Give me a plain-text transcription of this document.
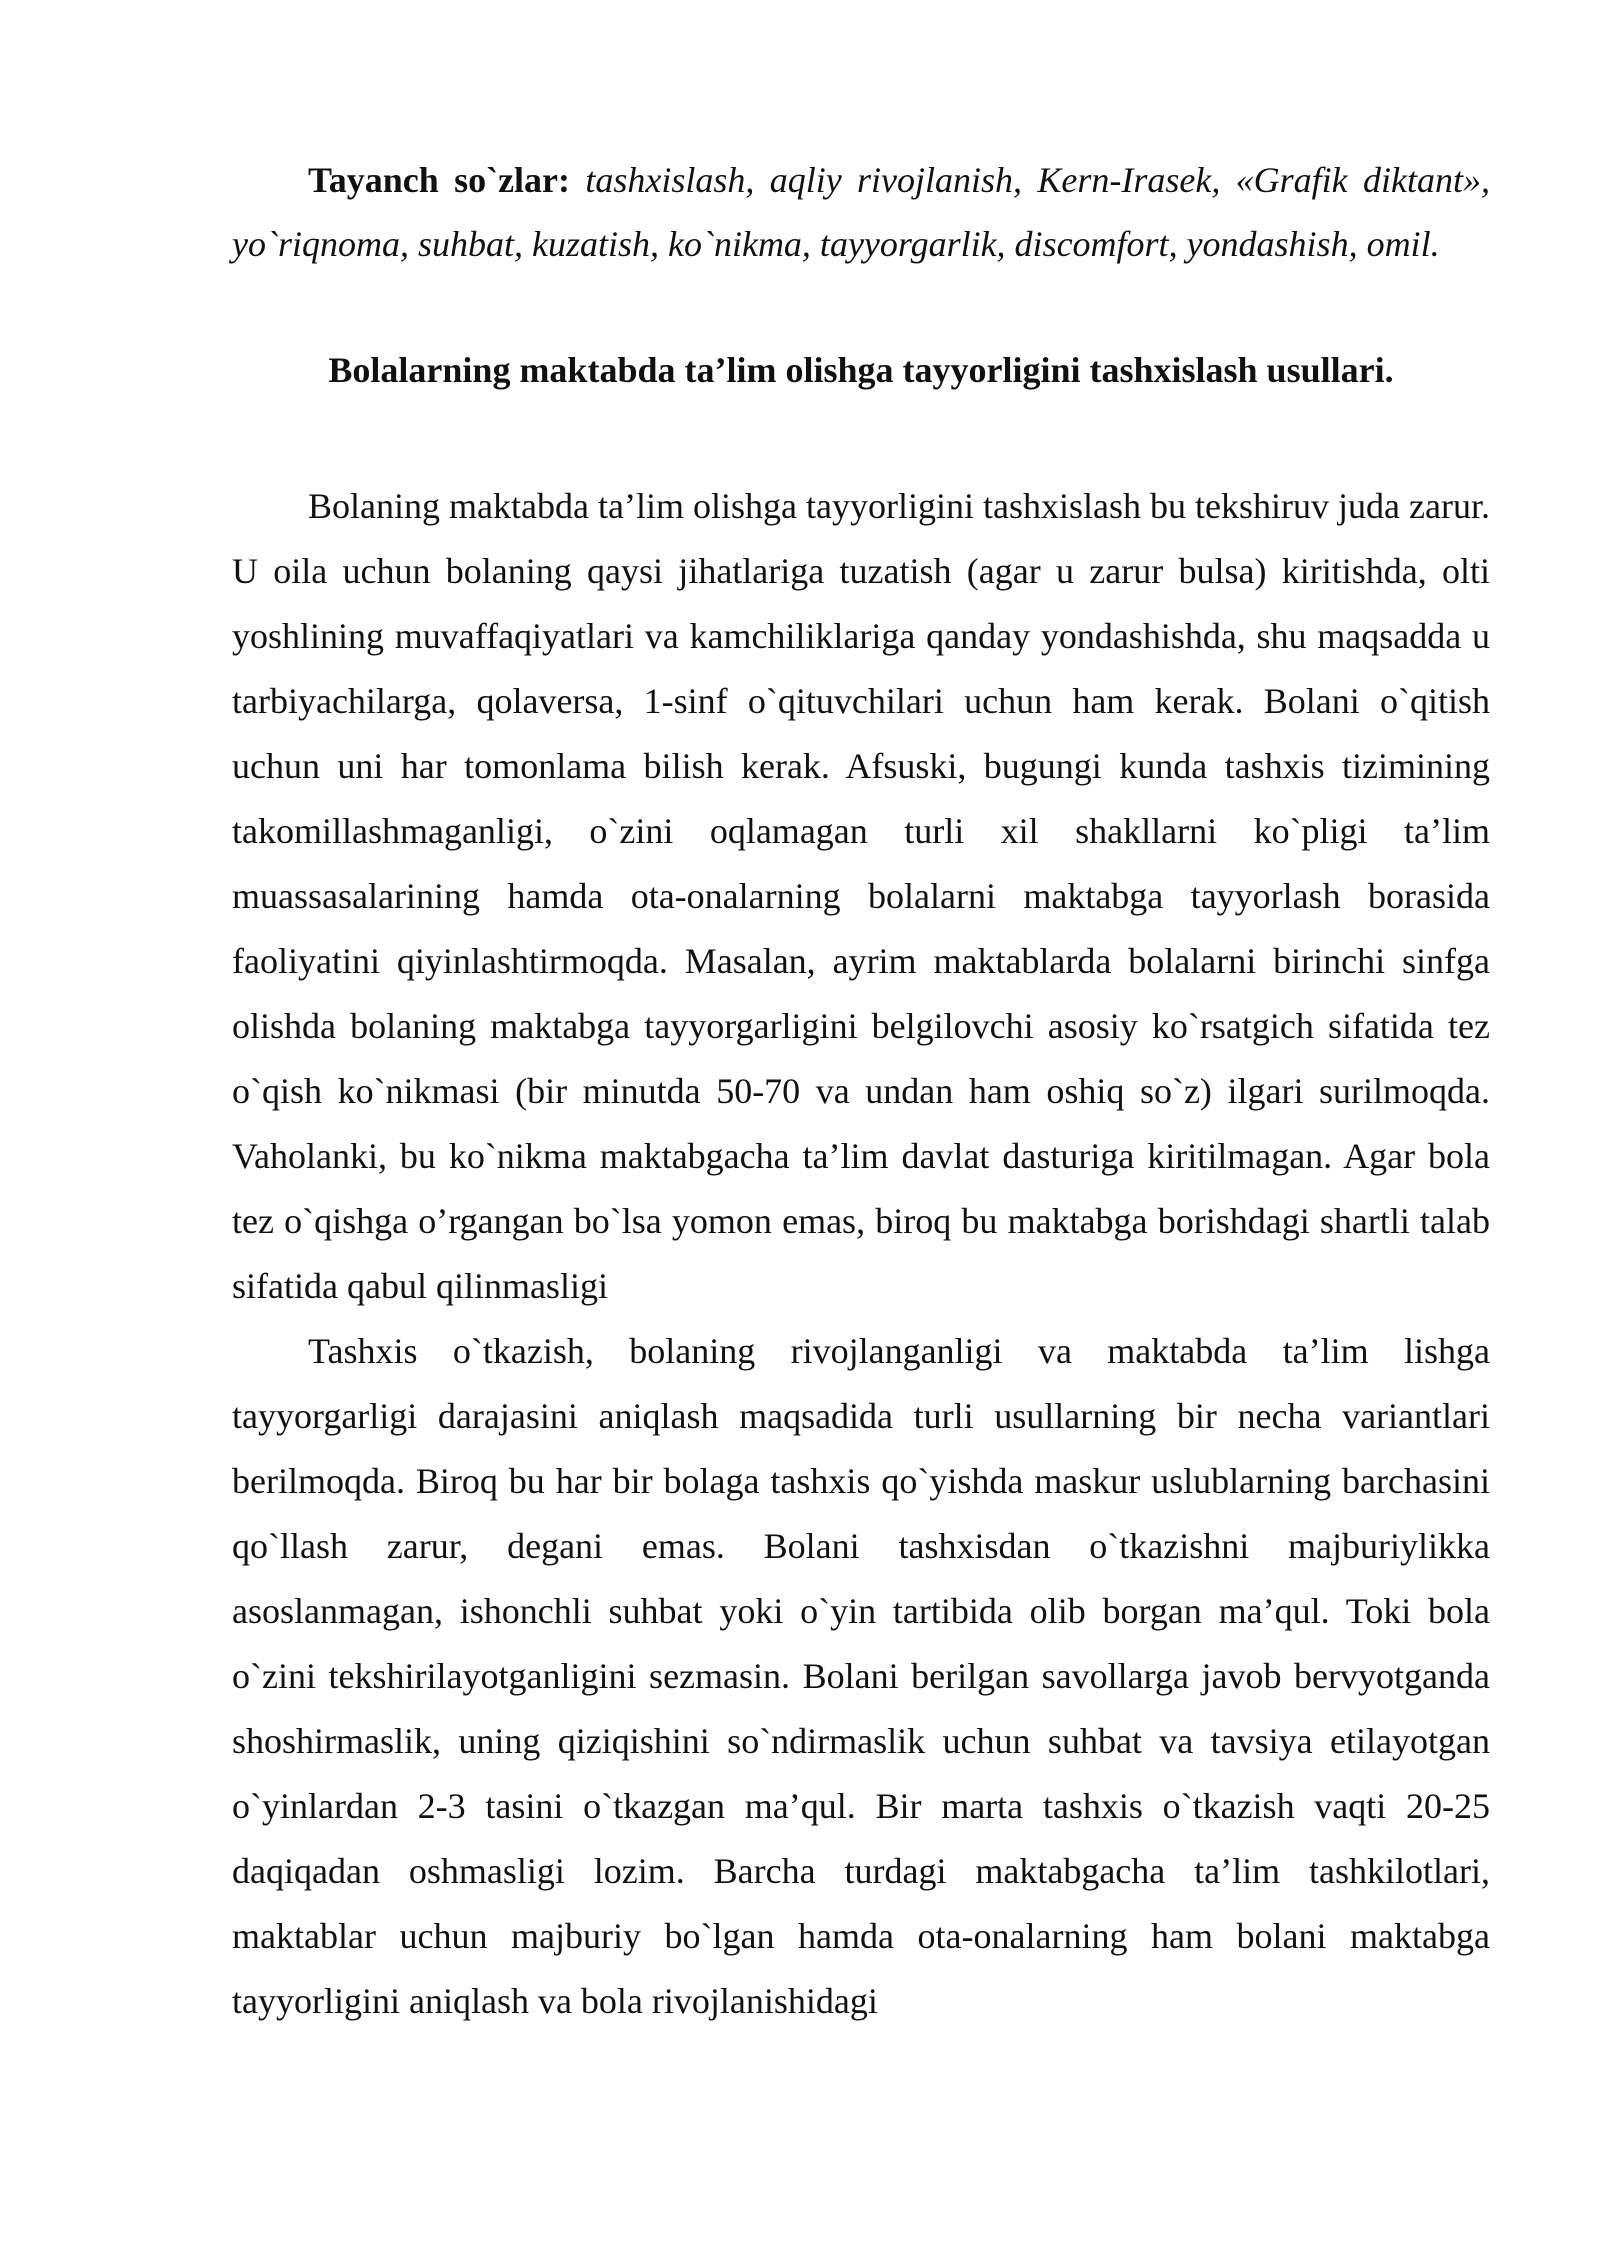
Tayanch so`zlar: tashxislash, aqliy rivojlanish, Kern-Irasek, «Grafik diktant», yo`riqnoma, suhbat, kuzatish, ko`nikma, tayyorgarlik, discomfort, yondashish, omil.

Bolalarning maktabda ta’lim olishga tayyorligini tashxislash usullari.

Bolaning maktabda ta’lim olishga tayyorligini tashxislash bu tekshiruv juda zarur. U oila uchun bolaning qaysi jihatlariga tuzatish (agar u zarur bulsa) kiritishda, olti yoshlining muvaffaqiyatlari va kamchiliklariga qanday yondashishda, shu maqsadda u tarbiyachilarga, qolaversa, 1-sinf o`qituvchilari uchun ham kerak. Bolani o`qitish uchun uni har tomonlama bilish kerak. Afsuski, bugungi kunda tashxis tizimining takomillashmaganligi, o`zini oqlamagan turli xil shakllarni ko`pligi ta’lim muassasalarining hamda ota-onalarning bolalarni maktabga tayyorlash borasida faoliyatini qiyinlashtirmoqda. Masalan, ayrim maktablarda bolalarni birinchi sinfga olishda bolaning maktabga tayyorgarligini belgilovchi asosiy ko`rsatgich sifatida tez o`qish ko`nikmasi (bir minutda 50-70 va undan ham oshiq so`z) ilgari surilmoqda. Vaholanki, bu ko`nikma maktabgacha ta’lim davlat dasturiga kiritilmagan. Agar bola tez o`qishga o’rgangan bo`lsa yomon emas, biroq bu maktabga borishdagi shartli talab sifatida qabul qilinmasligi

Tashxis o`tkazish, bolaning rivojlanganligi va maktabda ta’lim lishga tayyorgarligi darajasini aniqlash maqsadida turli usullarning bir necha variantlari berilmoqda. Biroq bu har bir bolaga tashxis qo`yishda maskur uslublarning barchasini qo`llash zarur, degani emas. Bolani tashxisdan o`tkazishni majburiylikka asoslanmagan, ishonchli suhbat yoki o`yin tartibida olib borgan ma’qul. Toki bola o`zini tekshirilayotganligini sezmasin. Bolani berilgan savollarga javob bervyotganda shoshirmaslik, uning qiziqishini so`ndirmaslik uchun suhbat va tavsiya etilayotgan o`yinlardan 2-3 tasini o`tkazgan ma’qul. Bir marta tashxis o`tkazish vaqti 20-25 daqiqadan oshmasligi lozim. Barcha turdagi maktabgacha ta’lim tashkilotlari, maktablar uchun majburiy bo`lgan hamda ota-onalarning ham bolani maktabga tayyorligini aniqlash va bola rivojlanishidagi
